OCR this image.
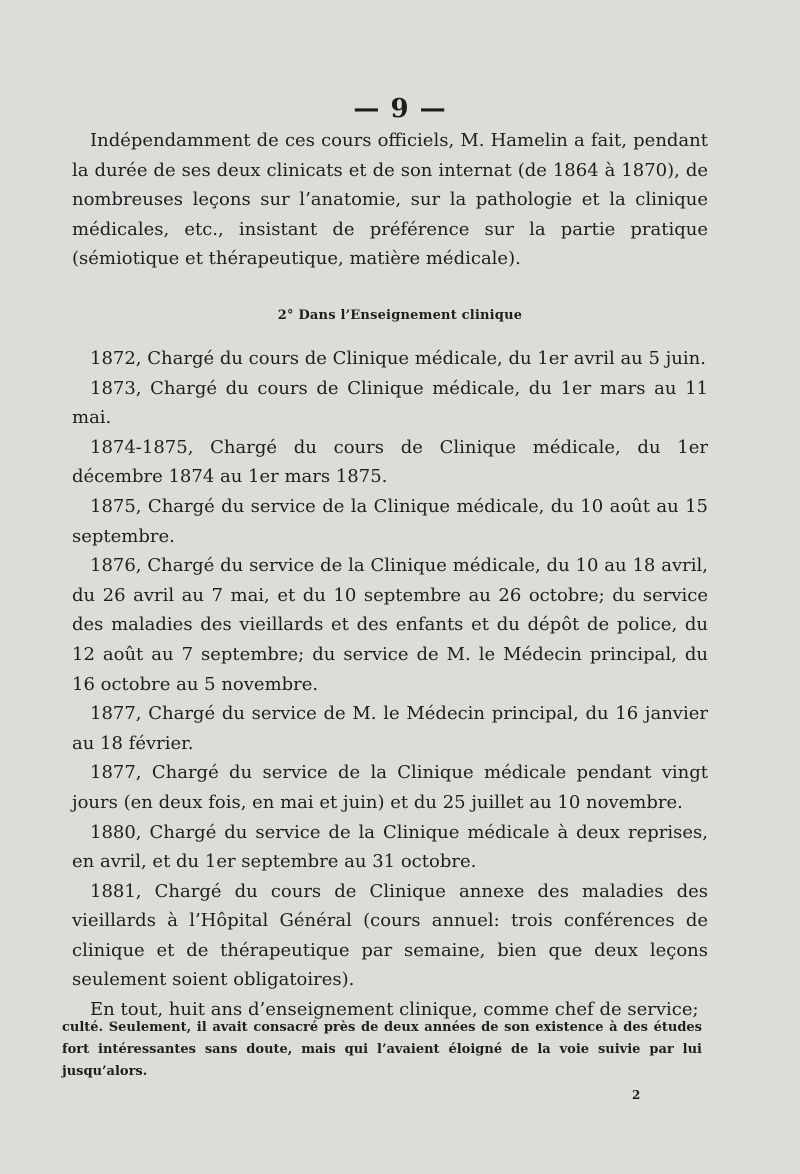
— 9 —

Indépendamment de ces cours officiels, M. Hamelin a fait, pendant la durée de ses deux clinicats et de son internat (de 1864 à 1870), de nombreuses leçons sur l’anatomie, sur la pathologie et la clinique médicales, etc., insistant de préférence sur la partie pratique (sémiotique et thérapeutique, matière médicale).

2° Dans l’Enseignement clinique

1872, Chargé du cours de Clinique médicale, du 1er avril au 5 juin.

1873, Chargé du cours de Clinique médicale, du 1er mars au 11 mai.

1874-1875, Chargé du cours de Clinique médicale, du 1er décembre 1874 au 1er mars 1875.

1875, Chargé du service de la Clinique médicale, du 10 août au 15 septembre.

1876, Chargé du service de la Clinique médicale, du 10 au 18 avril, du 26 avril au 7 mai, et du 10 septembre au 26 octobre; du service des maladies des vieillards et des enfants et du dépôt de police, du 12 août au 7 septembre; du service de M. le Médecin principal, du 16 octobre au 5 novembre.

1877, Chargé du service de M. le Médecin principal, du 16 janvier au 18 février.

1877, Chargé du service de la Clinique médicale pendant vingt jours (en deux fois, en mai et juin) et du 25 juillet au 10 novembre.

1880, Chargé du service de la Clinique médicale à deux reprises, en avril, et du 1er septembre au 31 octobre.

1881, Chargé du cours de Clinique annexe des maladies des vieillards à l’Hôpital Général (cours annuel: trois conférences de clinique et de thérapeutique par semaine, bien que deux leçons seulement soient obligatoires).

En tout, huit ans d’enseignement clinique, comme chef de service;

culté. Seulement, il avait consacré près de deux années de son existence à des études fort intéressantes sans doute, mais qui l’avaient éloigné de la voie suivie par lui jusqu’alors.

2
